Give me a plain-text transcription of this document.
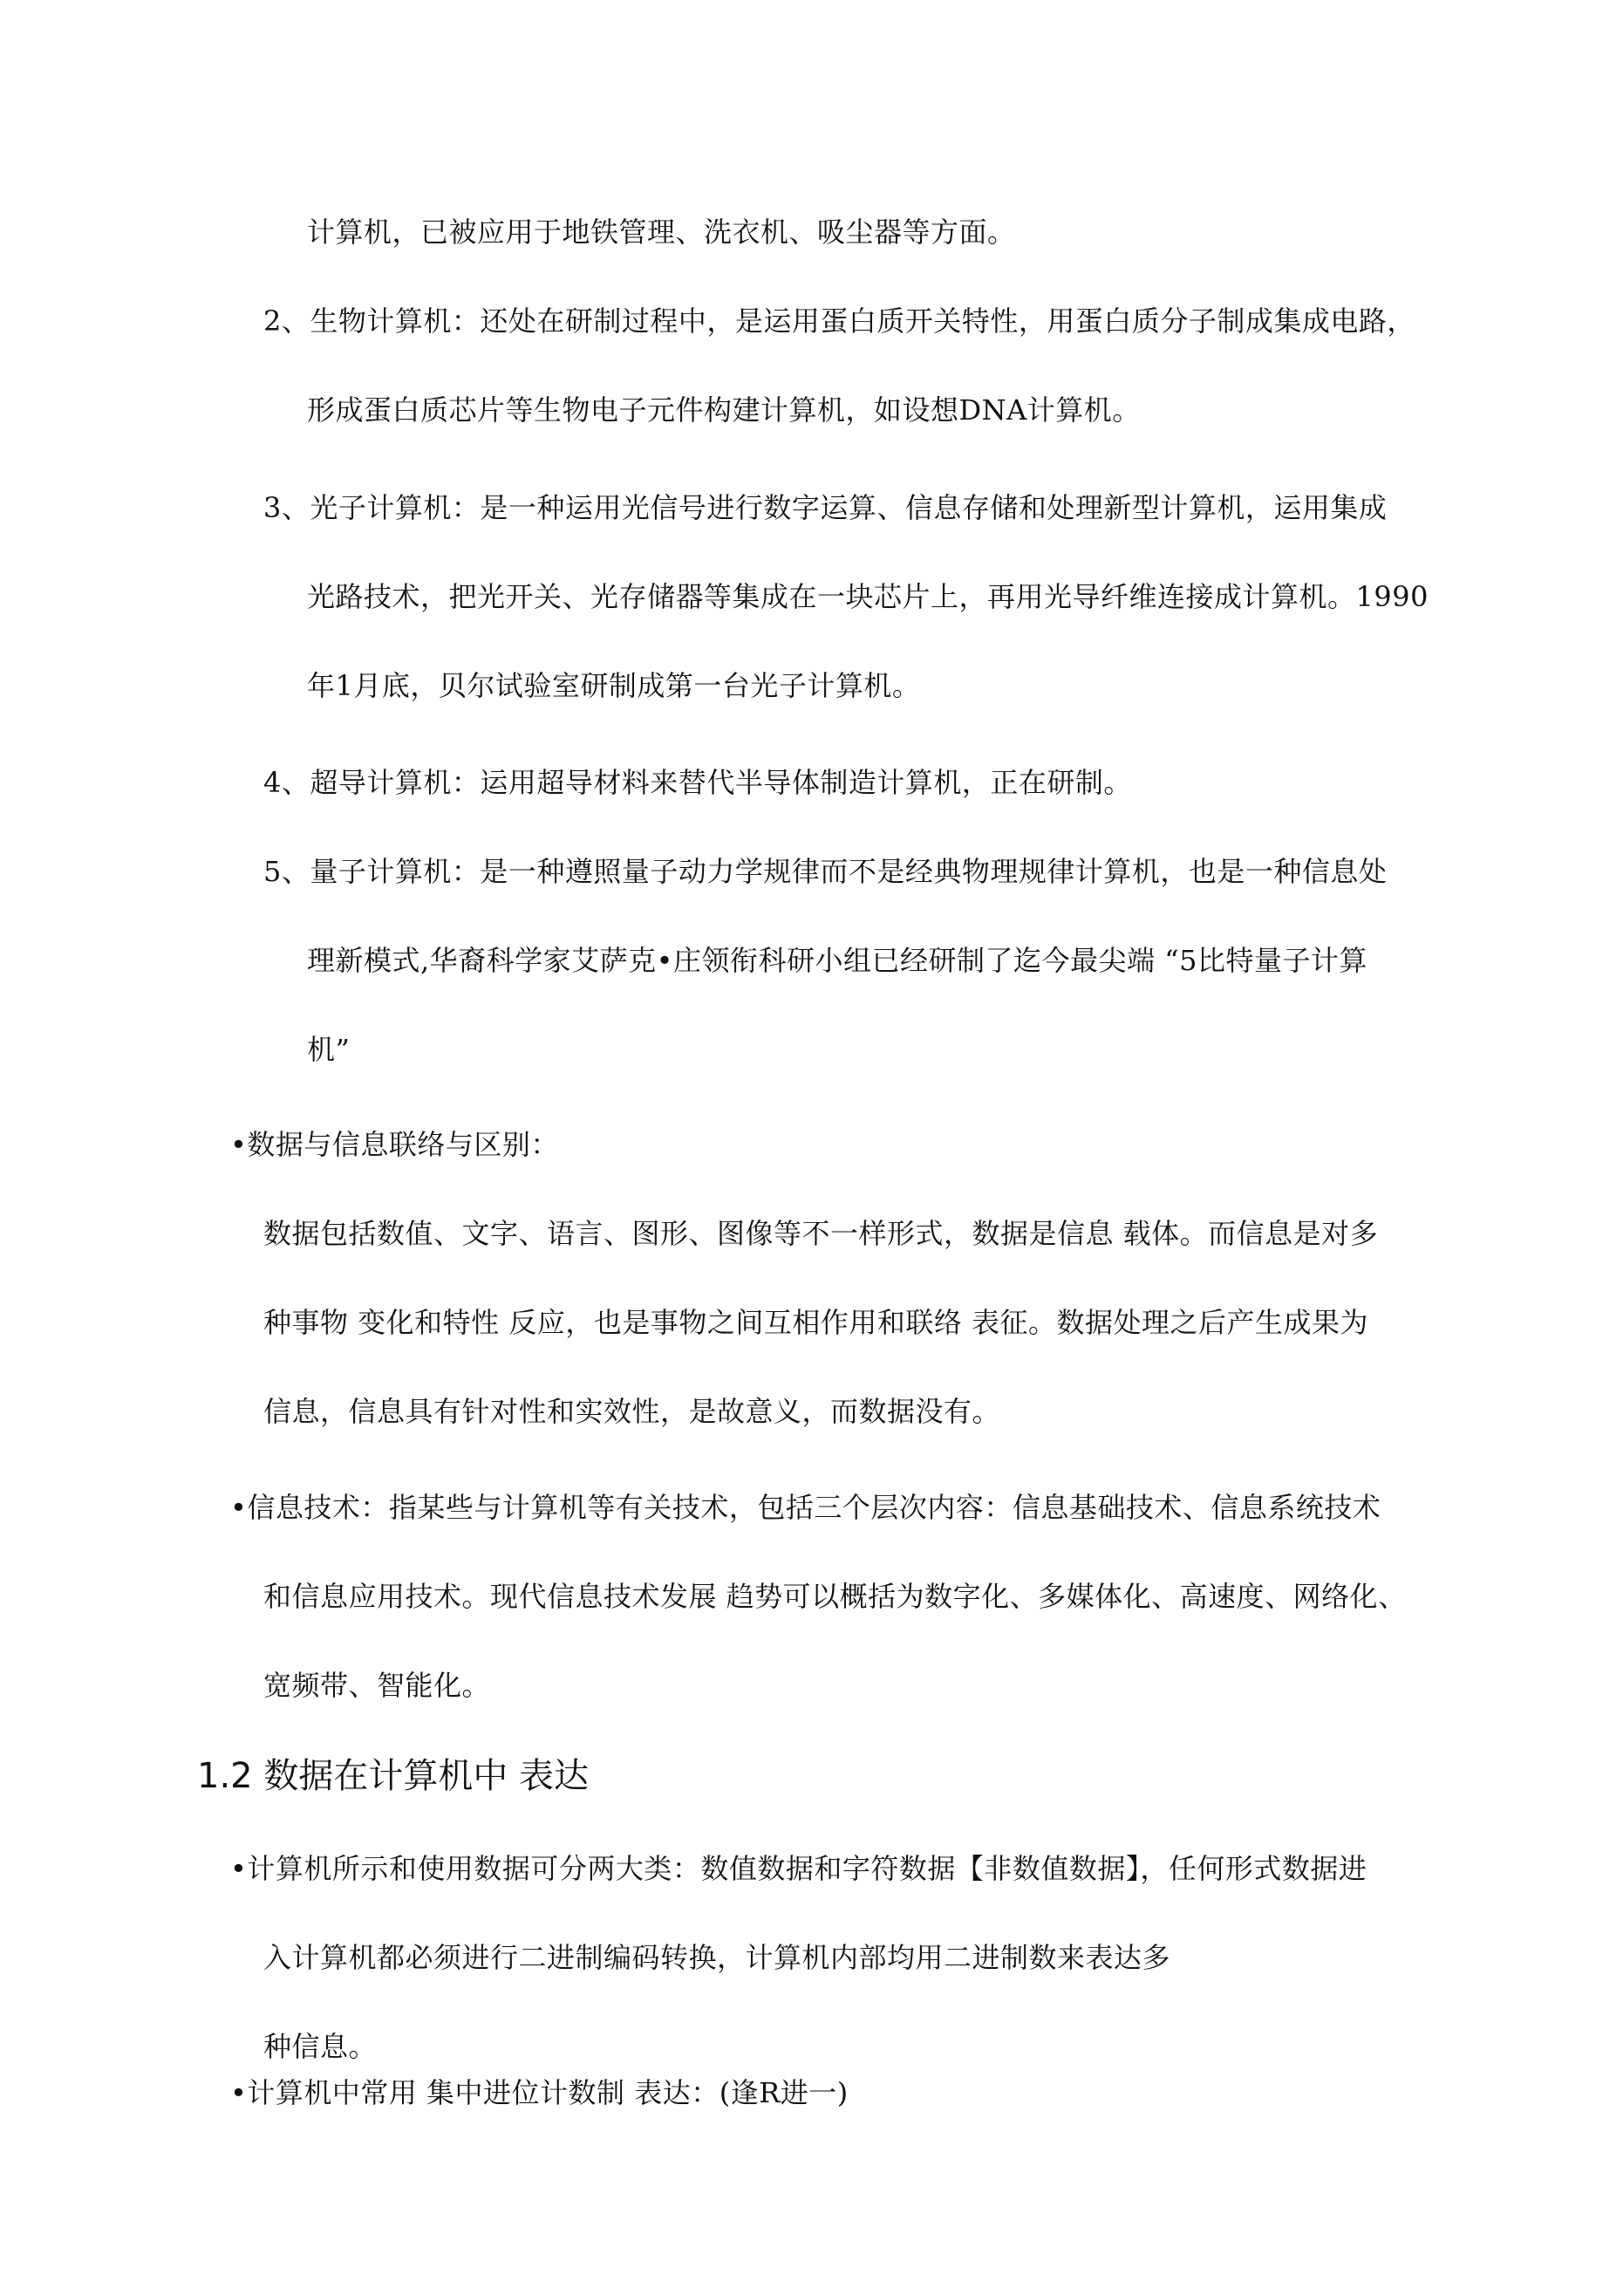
计算机，已被应用于地铁管理、洗衣机、吸尘器等方面。
2、生物计算机：还处在研制过程中，是运用蛋白质开关特性，用蛋白质分子制成集成电路，
形成蛋白质芯片等生物电子元件构建计算机，如设想DNA计算机。
3、光子计算机：是一种运用光信号进行数字运算、信息存储和处理新型计算机，运用集成
光路技术，把光开关、光存储器等集成在一块芯片上，再用光导纤维连接成计算机。1990
年1月底，贝尔试验室研制成第一台光子计算机。
4、超导计算机：运用超导材料来替代半导体制造计算机，正在研制。
5、量子计算机：是一种遵照量子动力学规律而不是经典物理规律计算机，也是一种信息处
理新模式,华裔科学家艾萨克•庄领衔科研小组已经研制了迄今最尖端 “5比特量子计算
机”
•数据与信息联络与区别：
数据包括数值、文字、语言、图形、图像等不一样形式，数据是信息 载体。而信息是对多
种事物 变化和特性 反应，也是事物之间互相作用和联络 表征。数据处理之后产生成果为
信息，信息具有针对性和实效性，是故意义，而数据没有。
•信息技术：指某些与计算机等有关技术，包括三个层次内容：信息基础技术、信息系统技术
和信息应用技术。现代信息技术发展 趋势可以概括为数字化、多媒体化、高速度、网络化、
宽频带、智能化。
1.2 数据在计算机中 表达
•计算机所示和使用数据可分两大类：数值数据和字符数据【非数值数据】，任何形式数据进
入计算机都必须进行二进制编码转换，计算机内部均用二进制数来表达多
种信息。
•计算机中常用 集中进位计数制 表达：(逢R进一)
